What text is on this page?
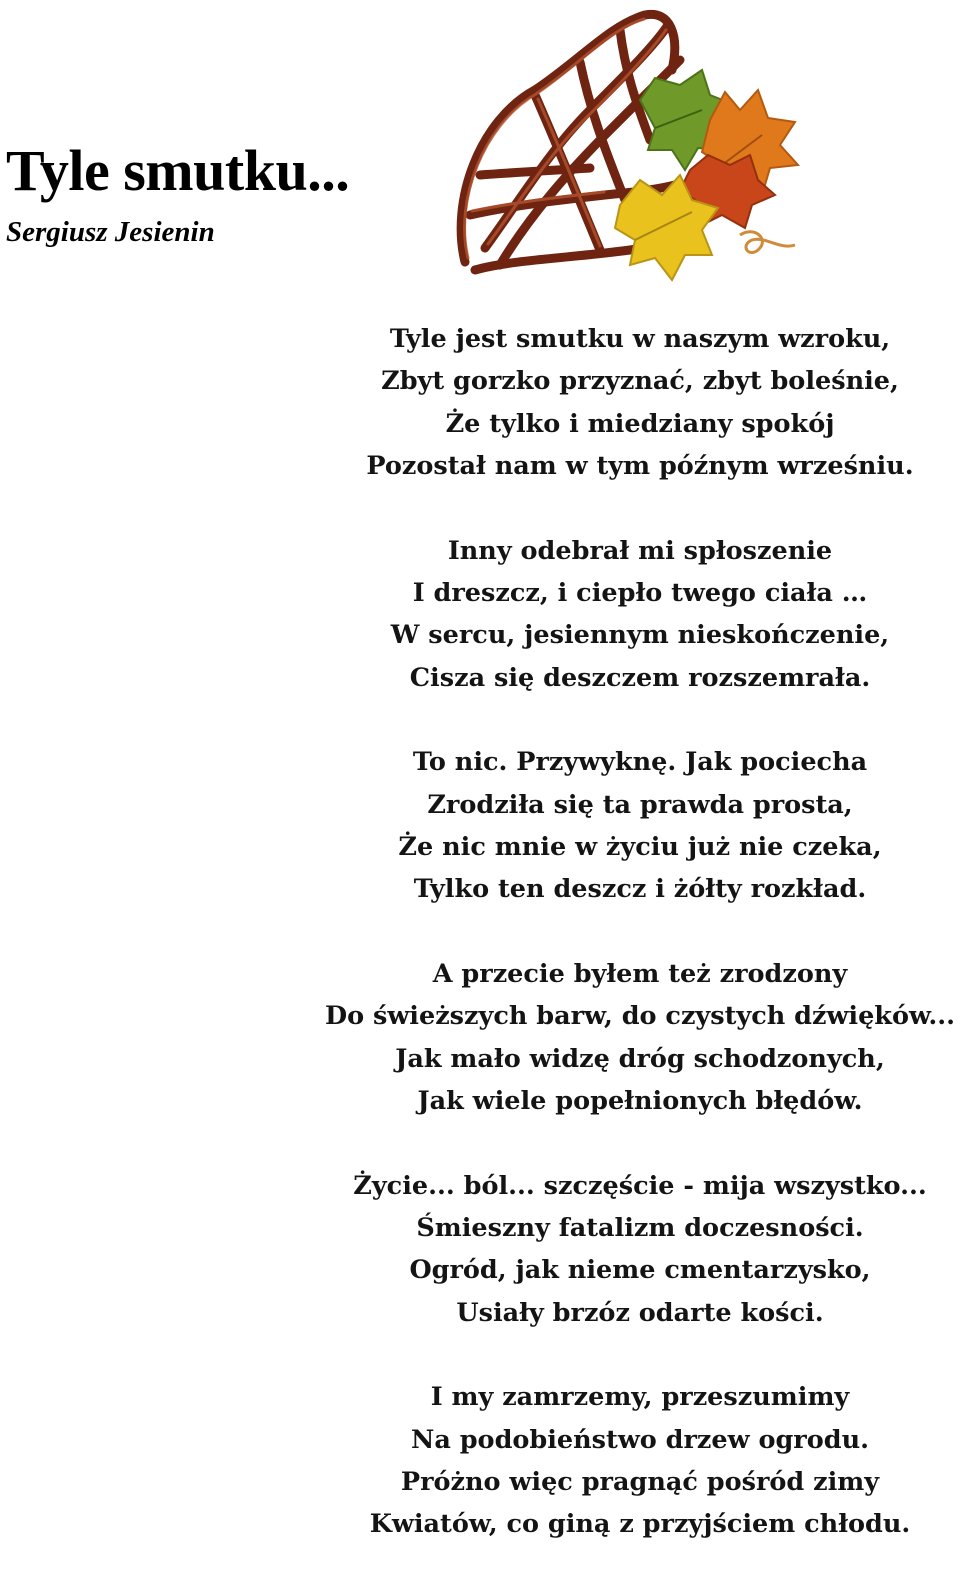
Tyle smutku...

Sergiusz Jesienin

Tyle jest smutku w naszym wzroku,
Zbyt gorzko przyznać, zbyt boleśnie,
Że tylko i miedziany spokój
Pozostał nam w tym późnym wrześniu.
Inny odebrał mi spłoszenie
I dreszcz, i ciepło twego ciała …
W sercu, jesiennym nieskończenie,
Cisza się deszczem rozszemrała.
To nic. Przywyknę. Jak pociecha
Zrodziła się ta prawda prosta,
Że nic mnie w życiu już nie czeka,
Tylko ten deszcz i żółty rozkład.
A przecie byłem też zrodzony
Do świeższych barw, do czystych dźwięków...
Jak mało widzę dróg schodzonych,
Jak wiele popełnionych błędów.
Życie... ból... szczęście - mija wszystko...
Śmieszny fatalizm doczesności.
Ogród, jak nieme cmentarzysko,
Usiały brzóz odarte kości.
I my zamrzemy, przeszumimy
Na podobieństwo drzew ogrodu.
Próżno więc pragnąć pośród zimy
Kwiatów, co giną z przyjściem chłodu.
